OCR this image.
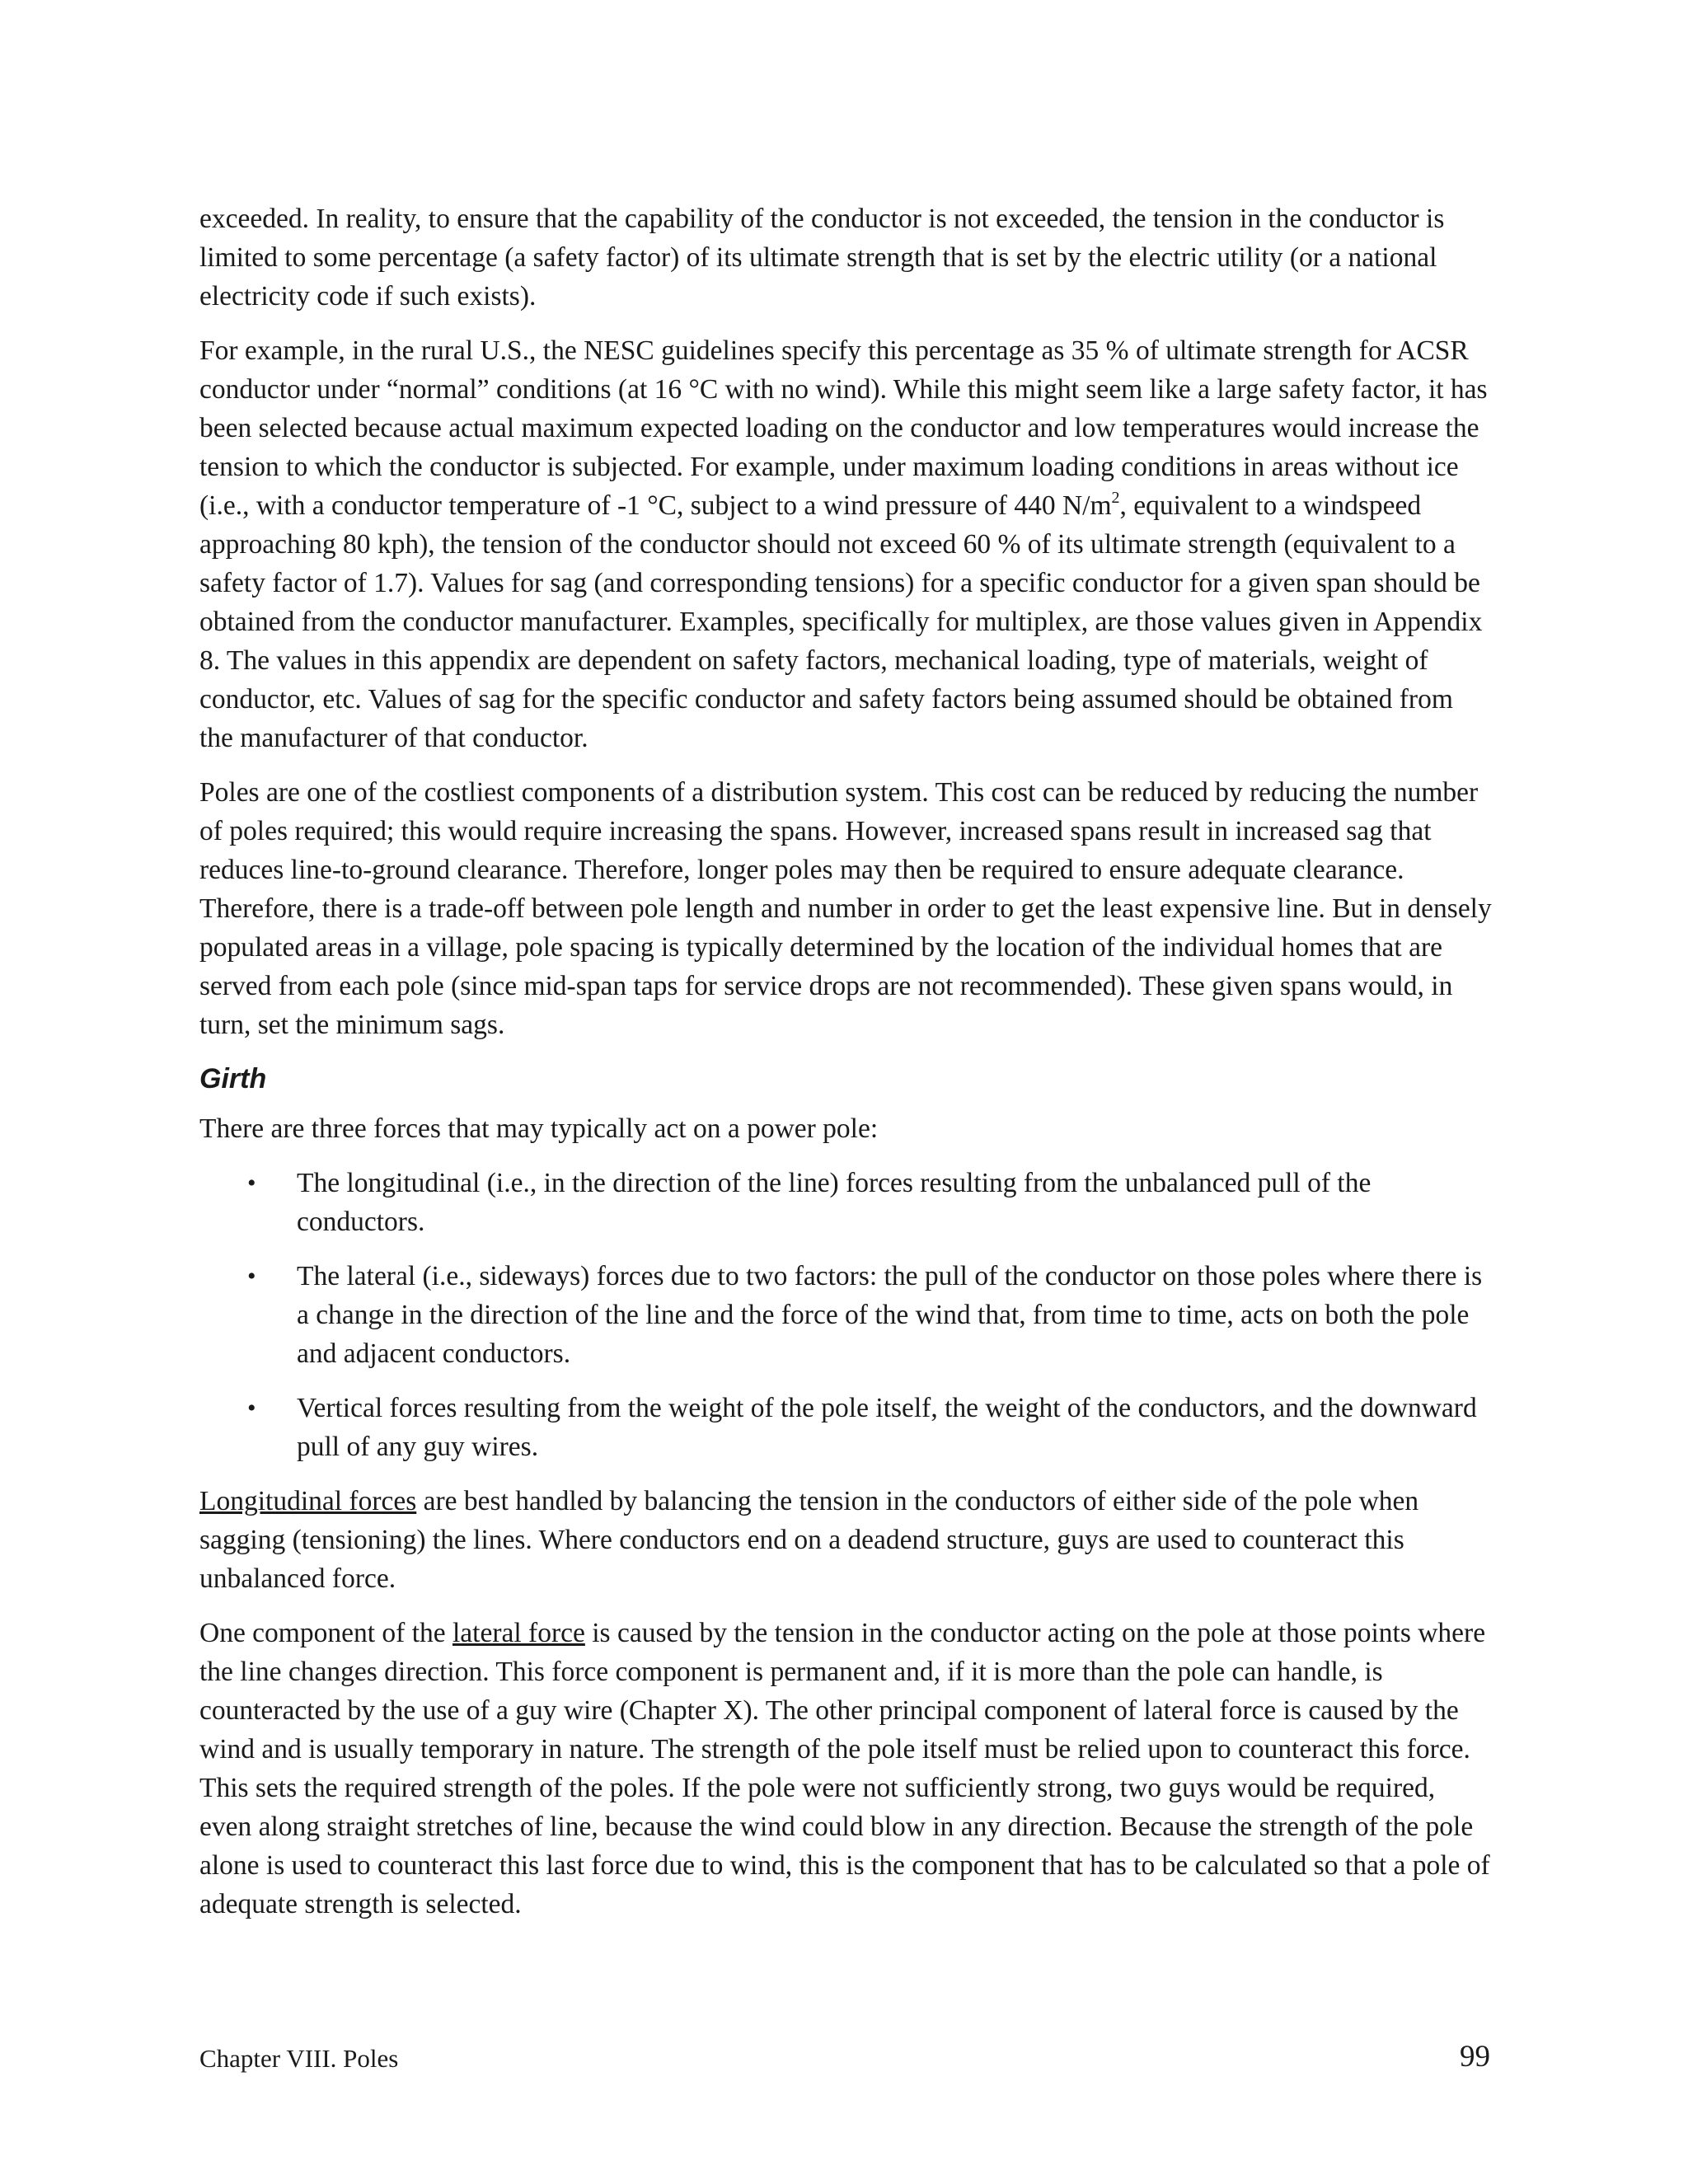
exceeded. In reality, to ensure that the capability of the conductor is not exceeded, the tension in the conductor is limited to some percentage (a safety factor) of its ultimate strength that is set by the electric utility (or a national electricity code if such exists).

For example, in the rural U.S., the NESC guidelines specify this percentage as 35 % of ultimate strength for ACSR conductor under “normal” conditions (at 16 °C with no wind). While this might seem like a large safety factor, it has been selected because actual maximum expected loading on the conductor and low temperatures would increase the tension to which the conductor is subjected. For example, under maximum loading conditions in areas without ice (i.e., with a conductor temperature of -1 °C, subject to a wind pressure of 440 $N/m^2$, equivalent to a windspeed approaching 80 kph), the tension of the conductor should not exceed 60 % of its ultimate strength (equivalent to a safety factor of 1.7). Values for sag (and corresponding tensions) for a specific conductor for a given span should be obtained from the conductor manufacturer. Examples, specifically for multiplex, are those values given in Appendix 8. The values in this appendix are dependent on safety factors, mechanical loading, type of materials, weight of conductor, etc. Values of sag for the specific conductor and safety factors being assumed should be obtained from the manufacturer of that conductor.

Poles are one of the costliest components of a distribution system. This cost can be reduced by reducing the number of poles required; this would require increasing the spans. However, increased spans result in increased sag that reduces line-to-ground clearance. Therefore, longer poles may then be required to ensure adequate clearance. Therefore, there is a trade-off between pole length and number in order to get the least expensive line. But in densely populated areas in a village, pole spacing is typically determined by the location of the individual homes that are served from each pole (since mid-span taps for service drops are not recommended). These given spans would, in turn, set the minimum sags.

Girth

There are three forces that may typically act on a power pole:

• The longitudinal (i.e., in the direction of the line) forces resulting from the unbalanced pull of the conductors.
• The lateral (i.e., sideways) forces due to two factors: the pull of the conductor on those poles where there is a change in the direction of the line and the force of the wind that, from time to time, acts on both the pole and adjacent conductors.
• Vertical forces resulting from the weight of the pole itself, the weight of the conductors, and the downward pull of any guy wires.

Longitudinal forces are best handled by balancing the tension in the conductors of either side of the pole when sagging (tensioning) the lines. Where conductors end on a deadend structure, guys are used to counteract this unbalanced force.

One component of the lateral force is caused by the tension in the conductor acting on the pole at those points where the line changes direction. This force component is permanent and, if it is more than the pole can handle, is counteracted by the use of a guy wire (Chapter X). The other principal component of lateral force is caused by the wind and is usually temporary in nature. The strength of the pole itself must be relied upon to counteract this force. This sets the required strength of the poles. If the pole were not sufficiently strong, two guys would be required, even along straight stretches of line, because the wind could blow in any direction. Because the strength of the pole alone is used to counteract this last force due to wind, this is the component that has to be calculated so that a pole of adequate strength is selected.

Chapter VIII. Poles	99
